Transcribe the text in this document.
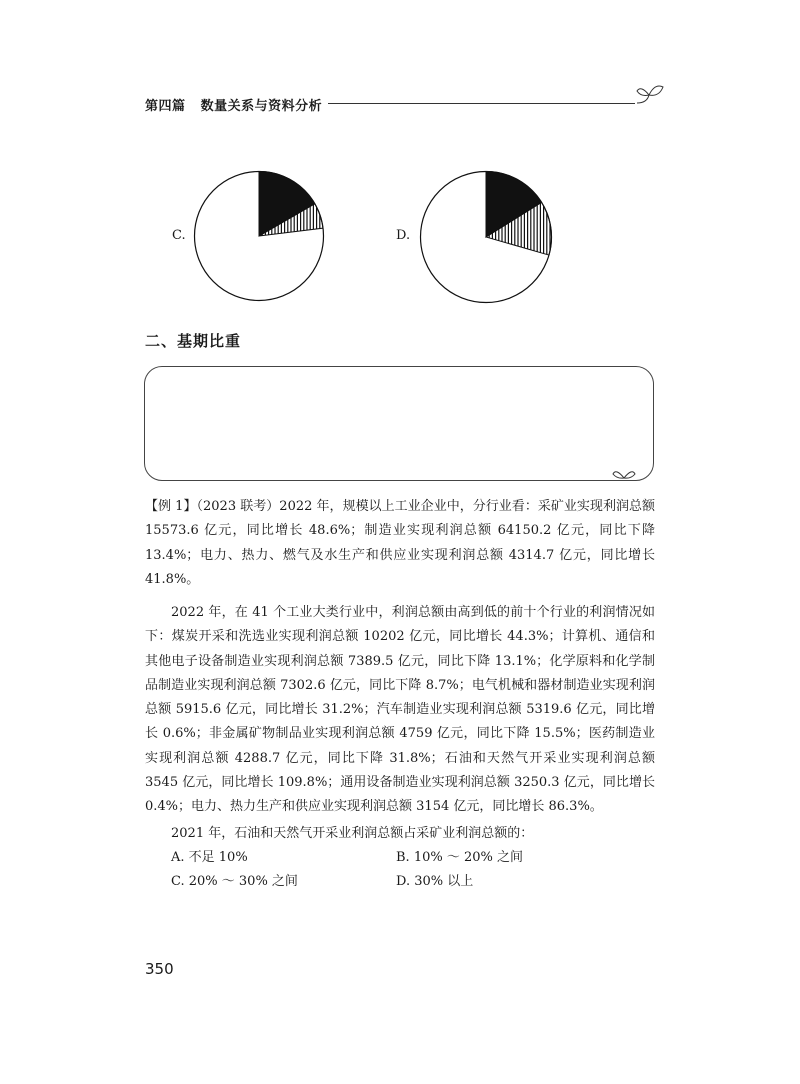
第四篇 数量关系与资料分析
C.	D.
二、基期比重
【例 1】（2023 联考）2022 年，规模以上工业企业中，分行业看：采矿业实现利润总额 15573.6 亿元，同比增长 48.6%；制造业实现利润总额 64150.2 亿元，同比下降 13.4%；电力、热力、燃气及水生产和供应业实现利润总额 4314.7 亿元，同比增长 41.8%。
2022 年，在 41 个工业大类行业中，利润总额由高到低的前十个行业的利润情况如下：煤炭开采和洗选业实现利润总额 10202 亿元，同比增长 44.3%；计算机、通信和其他电子设备制造业实现利润总额 7389.5 亿元，同比下降 13.1%；化学原料和化学制品制造业实现利润总额 7302.6 亿元，同比下降 8.7%；电气机械和器材制造业实现利润总额 5915.6 亿元，同比增长 31.2%；汽车制造业实现利润总额 5319.6 亿元，同比增长 0.6%；非金属矿物制品业实现利润总额 4759 亿元，同比下降 15.5%；医药制造业实现利润总额 4288.7 亿元，同比下降 31.8%；石油和天然气开采业实现利润总额 3545 亿元，同比增长 109.8%；通用设备制造业实现利润总额 3250.3 亿元，同比增长 0.4%；电力、热力生产和供应业实现利润总额 3154 亿元，同比增长 86.3%。
2021 年，石油和天然气开采业利润总额占采矿业利润总额的：
A. 不足 10%	B. 10% ～ 20% 之间
C. 20% ～ 30% 之间	D. 30% 以上
350
